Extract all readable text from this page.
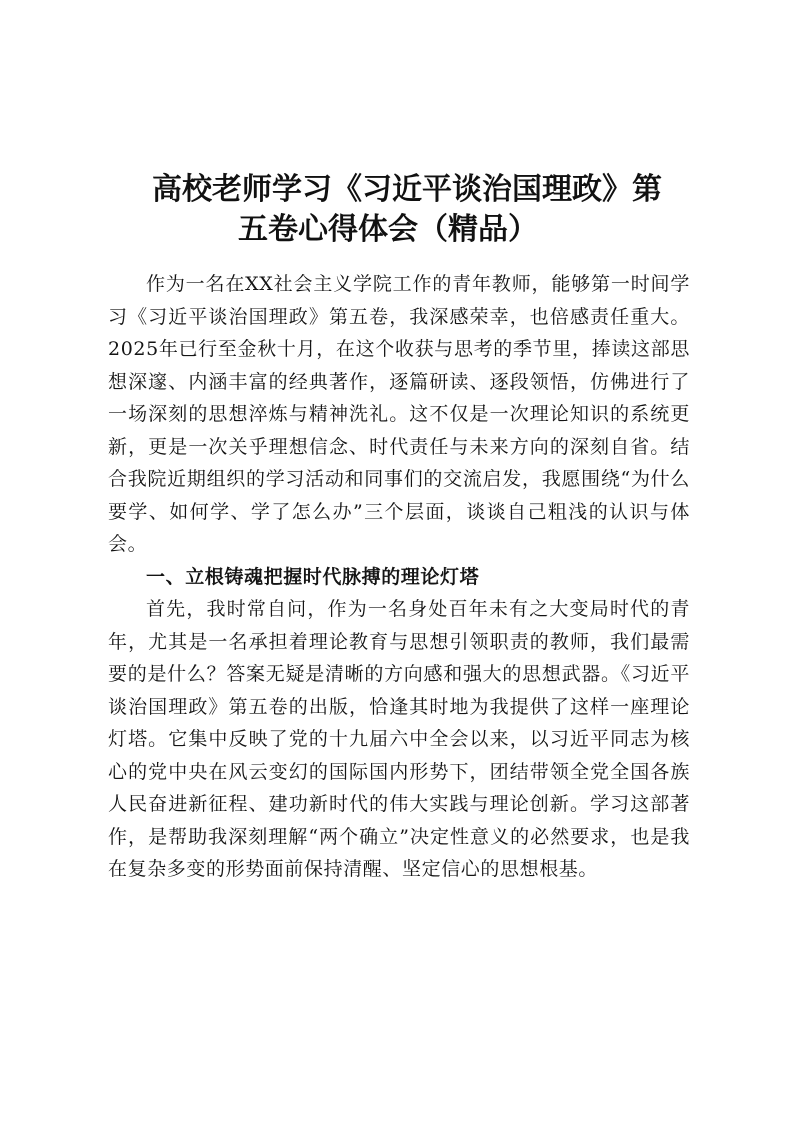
高校老师学习《习近平谈治国理政》第
五卷心得体会（精品）

作为一名在XX社会主义学院工作的青年教师，能够第一时间学习《习近平谈治国理政》第五卷，我深感荣幸，也倍感责任重大。2025年已行至金秋十月，在这个收获与思考的季节里，捧读这部思想深邃、内涵丰富的经典著作，逐篇研读、逐段领悟，仿佛进行了一场深刻的思想淬炼与精神洗礼。这不仅是一次理论知识的系统更新，更是一次关乎理想信念、时代责任与未来方向的深刻自省。结合我院近期组织的学习活动和同事们的交流启发，我愿围绕“为什么要学、如何学、学了怎么办”三个层面，谈谈自己粗浅的认识与体会。

一、立根铸魂把握时代脉搏的理论灯塔

首先，我时常自问，作为一名身处百年未有之大变局时代的青年，尤其是一名承担着理论教育与思想引领职责的教师，我们最需要的是什么？答案无疑是清晰的方向感和强大的思想武器。《习近平谈治国理政》第五卷的出版，恰逢其时地为我提供了这样一座理论灯塔。它集中反映了党的十九届六中全会以来，以习近平同志为核心的党中央在风云变幻的国际国内形势下，团结带领全党全国各族人民奋进新征程、建功新时代的伟大实践与理论创新。学习这部著作，是帮助我深刻理解“两个确立”决定性意义的必然要求，也是我在复杂多变的形势面前保持清醒、坚定信心的思想根基。
